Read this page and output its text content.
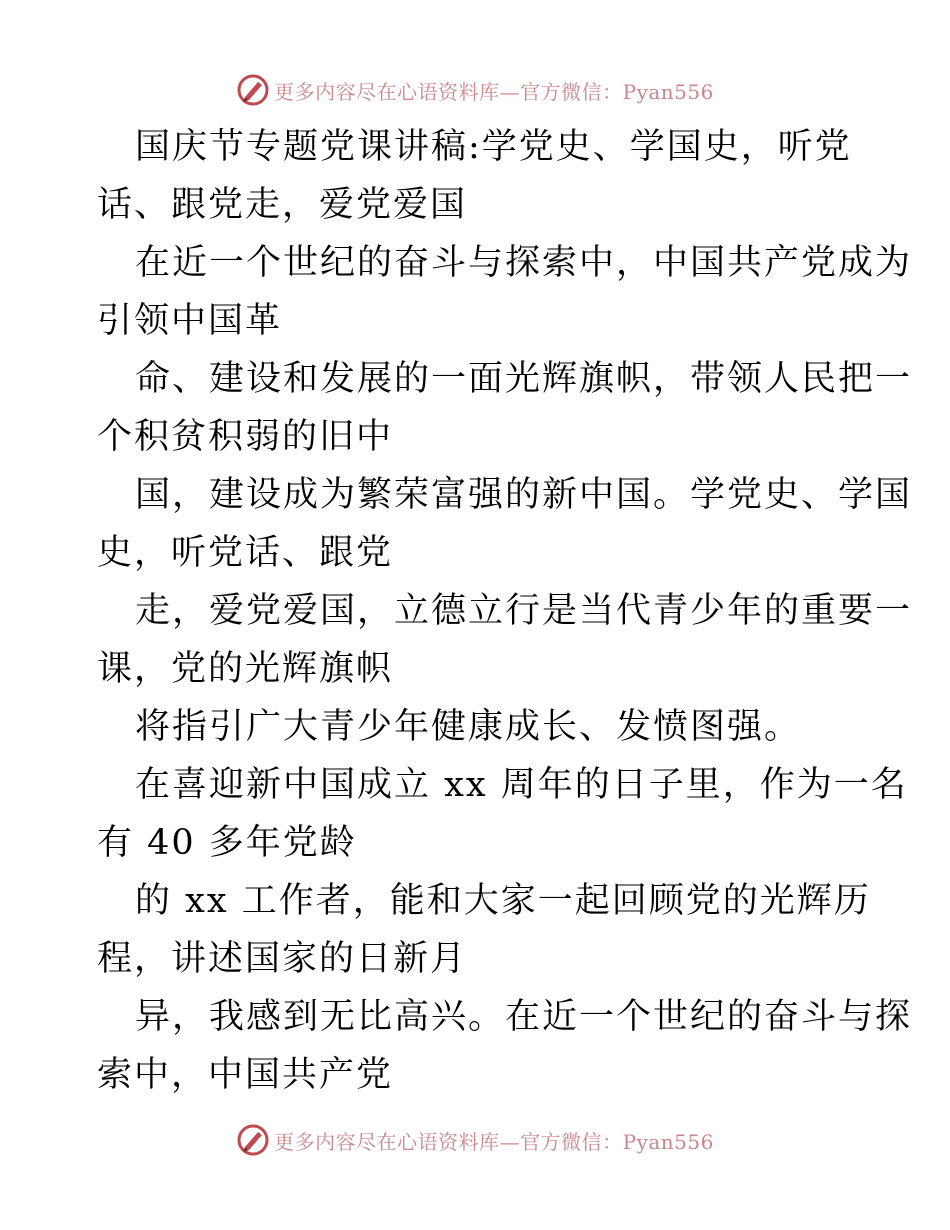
更多内容尽在心语资料库—官方微信：Pyan556
国庆节专题党课讲稿:学党史、学国史，听党
话、跟党走，爱党爱国
在近一个世纪的奋斗与探索中，中国共产党成为
引领中国革
命、建设和发展的一面光辉旗帜，带领人民把一
个积贫积弱的旧中
国，建设成为繁荣富强的新中国。学党史、学国
史，听党话、跟党
走，爱党爱国，立德立行是当代青少年的重要一
课，党的光辉旗帜
将指引广大青少年健康成长、发愤图强。
在喜迎新中国成立 xx 周年的日子里，作为一名
有 40 多年党龄
的 xx 工作者，能和大家一起回顾党的光辉历
程，讲述国家的日新月
异，我感到无比高兴。在近一个世纪的奋斗与探
索中，中国共产党
更多内容尽在心语资料库—官方微信：Pyan556
